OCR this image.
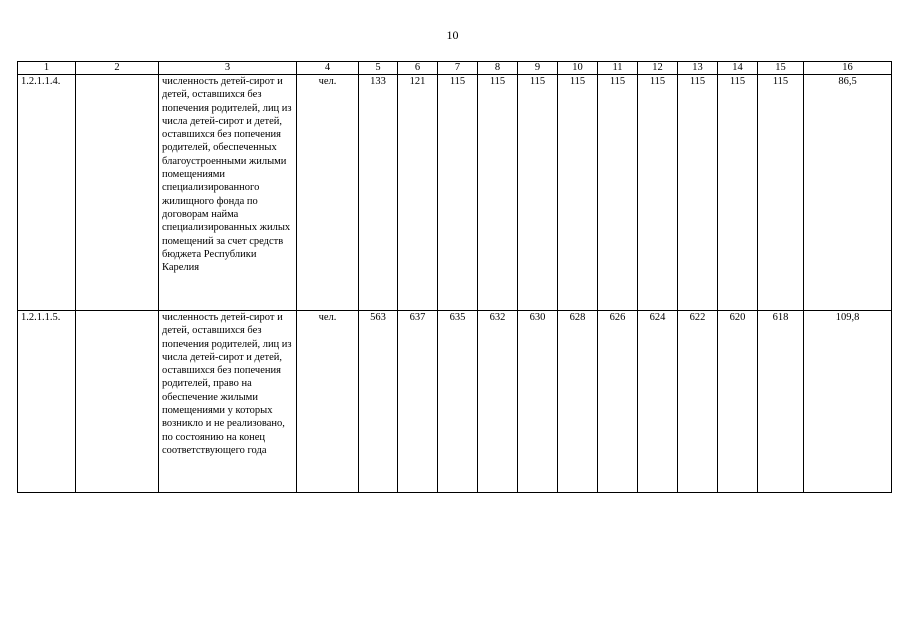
10
1	2	3	4	5	6	7	8	9	10	11	12	13	14	15	16
1.2.1.1.4.		численность детей-сирот и детей, оставшихся без попечения родителей, лиц из числа детей-сирот и детей, оставшихся без попечения родителей, обеспеченных благоустроенными жилыми помещениями специализированного жилищного фонда по договорам найма специализированных жилых помещений за счет средств бюджета Республики Карелия	чел.	133	121	115	115	115	115	115	115	115	115	115	86,5
1.2.1.1.5.		численность детей-сирот и детей, оставшихся без попечения родителей, лиц из числа детей-сирот и детей, оставшихся без попечения родителей, право на обеспечение жилыми помещениями у которых возникло и не реализовано, по состоянию на конец соответствующего года	чел.	563	637	635	632	630	628	626	624	622	620	618	109,8
